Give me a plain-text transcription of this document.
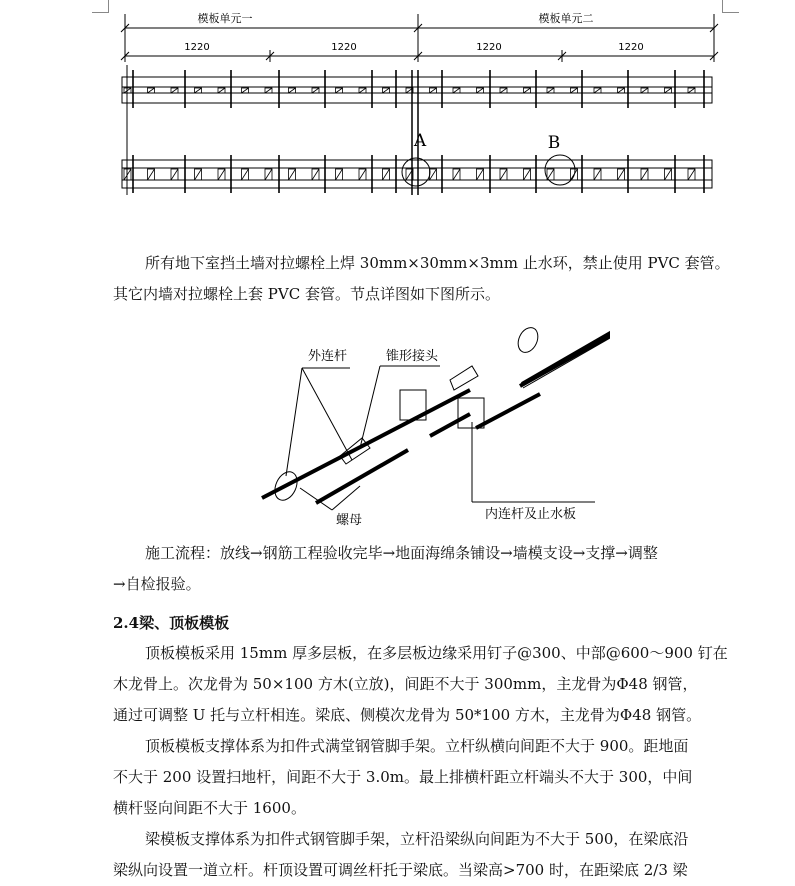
模板单元一	模板单元二
1220	1220	1220	1220
A	B
所有地下室挡土墙对拉螺栓上焊 30mm×30mm×3mm 止水环，禁止使用 PVC 套管。
其它内墙对拉螺栓上套 PVC 套管。节点详图如下图所示。
外连杆	锥形接头
螺母	内连杆及止水板
施工流程：放线→钢筋工程验收完毕→地面海绵条铺设→墙模支设→支撑→调整
→自检报验。
2.4梁、顶板模板
顶板模板采用 15mm 厚多层板，在多层板边缘采用钉子@300、中部@600～900 钉在
木龙骨上。次龙骨为 50×100 方木(立放)，间距不大于 300mm，主龙骨为Φ48 钢管，
通过可调整 U 托与立杆相连。梁底、侧模次龙骨为 50*100 方木，主龙骨为Φ48 钢管。
顶板模板支撑体系为扣件式满堂钢管脚手架。立杆纵横向间距不大于 900。距地面
不大于 200 设置扫地杆，间距不大于 3.0m。最上排横杆距立杆端头不大于 300，中间
横杆竖向间距不大于 1600。
梁模板支撑体系为扣件式钢管脚手架，立杆沿梁纵向间距为不大于 500，在梁底沿
梁纵向设置一道立杆。杆顶设置可调丝杆托于梁底。当梁高>700 时，在距梁底 2/3 梁
